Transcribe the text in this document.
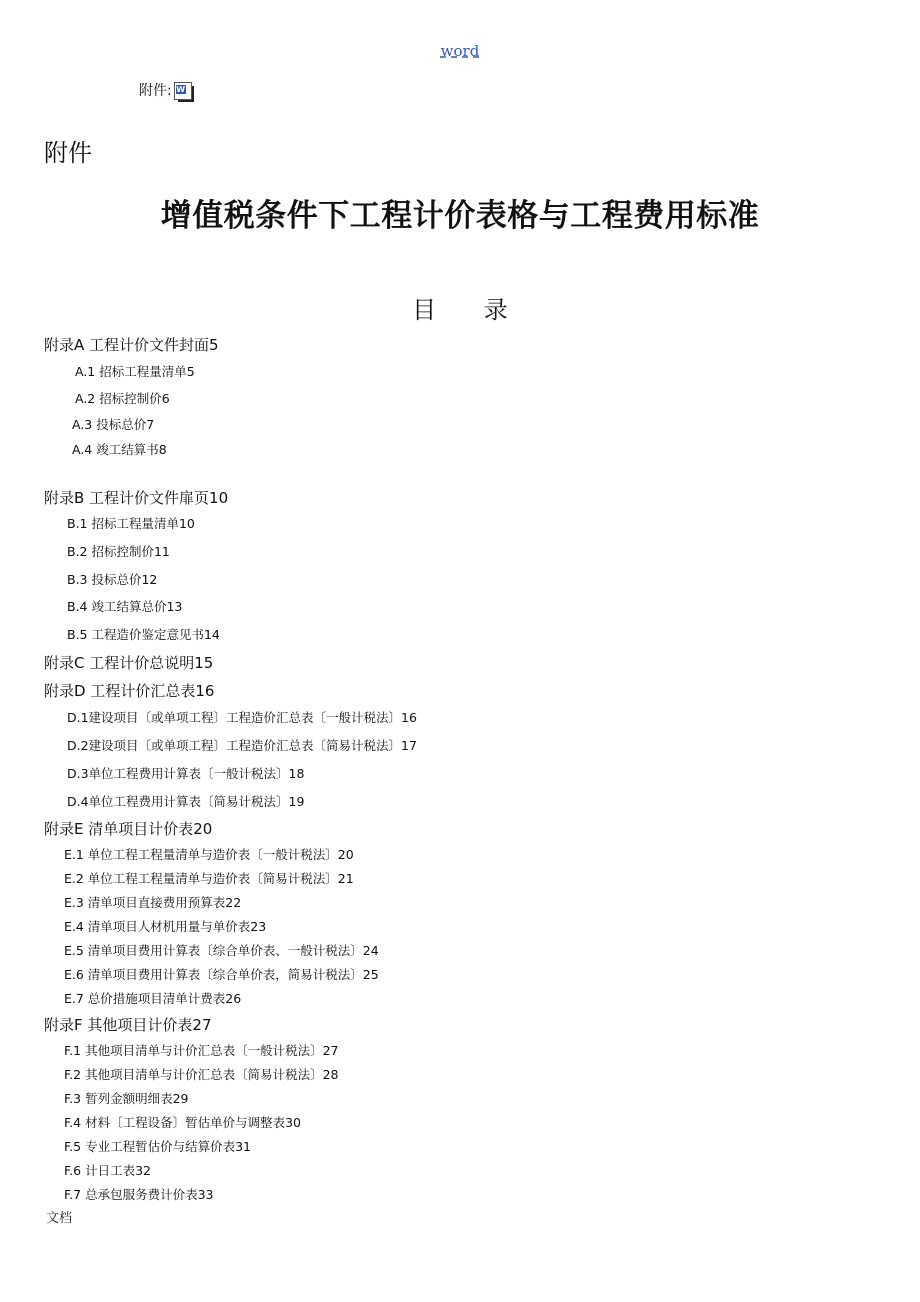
word
附件: W
附件
增值税条件下工程计价表格与工程费用标准
目 录
附录A 工程计价文件封面5
A.1 招标工程量清单5
A.2 招标控制价6
A.3 投标总价7
A.4 竣工结算书8
附录B 工程计价文件扉页10
B.1 招标工程量清单10
B.2 招标控制价11
B.3 投标总价12
B.4 竣工结算总价13
B.5 工程造价鉴定意见书14
附录C 工程计价总说明15
附录D 工程计价汇总表16
D.1建设项目〔或单项工程〕工程造价汇总表〔一般计税法〕16
D.2建设项目〔或单项工程〕工程造价汇总表〔简易计税法〕17
D.3单位工程费用计算表〔一般计税法〕18
D.4单位工程费用计算表〔简易计税法〕19
附录E 清单项目计价表20
E.1 单位工程工程量清单与造价表〔一般计税法〕20
E.2 单位工程工程量清单与造价表〔简易计税法〕21
E.3 清单项目直接费用预算表22
E.4 清单项目人材机用量与单价表23
E.5 清单项目费用计算表〔综合单价表、一般计税法〕24
E.6 清单项目费用计算表〔综合单价表，简易计税法〕25
E.7 总价措施项目清单计费表26
附录F 其他项目计价表27
F.1 其他项目清单与计价汇总表〔一般计税法〕27
F.2 其他项目清单与计价汇总表〔简易计税法〕28
F.3 暂列金额明细表29
F.4 材料〔工程设备〕暂估单价与调整表30
F.5 专业工程暂估价与结算价表31
F.6 计日工表32
F.7 总承包服务费计价表33
文档
